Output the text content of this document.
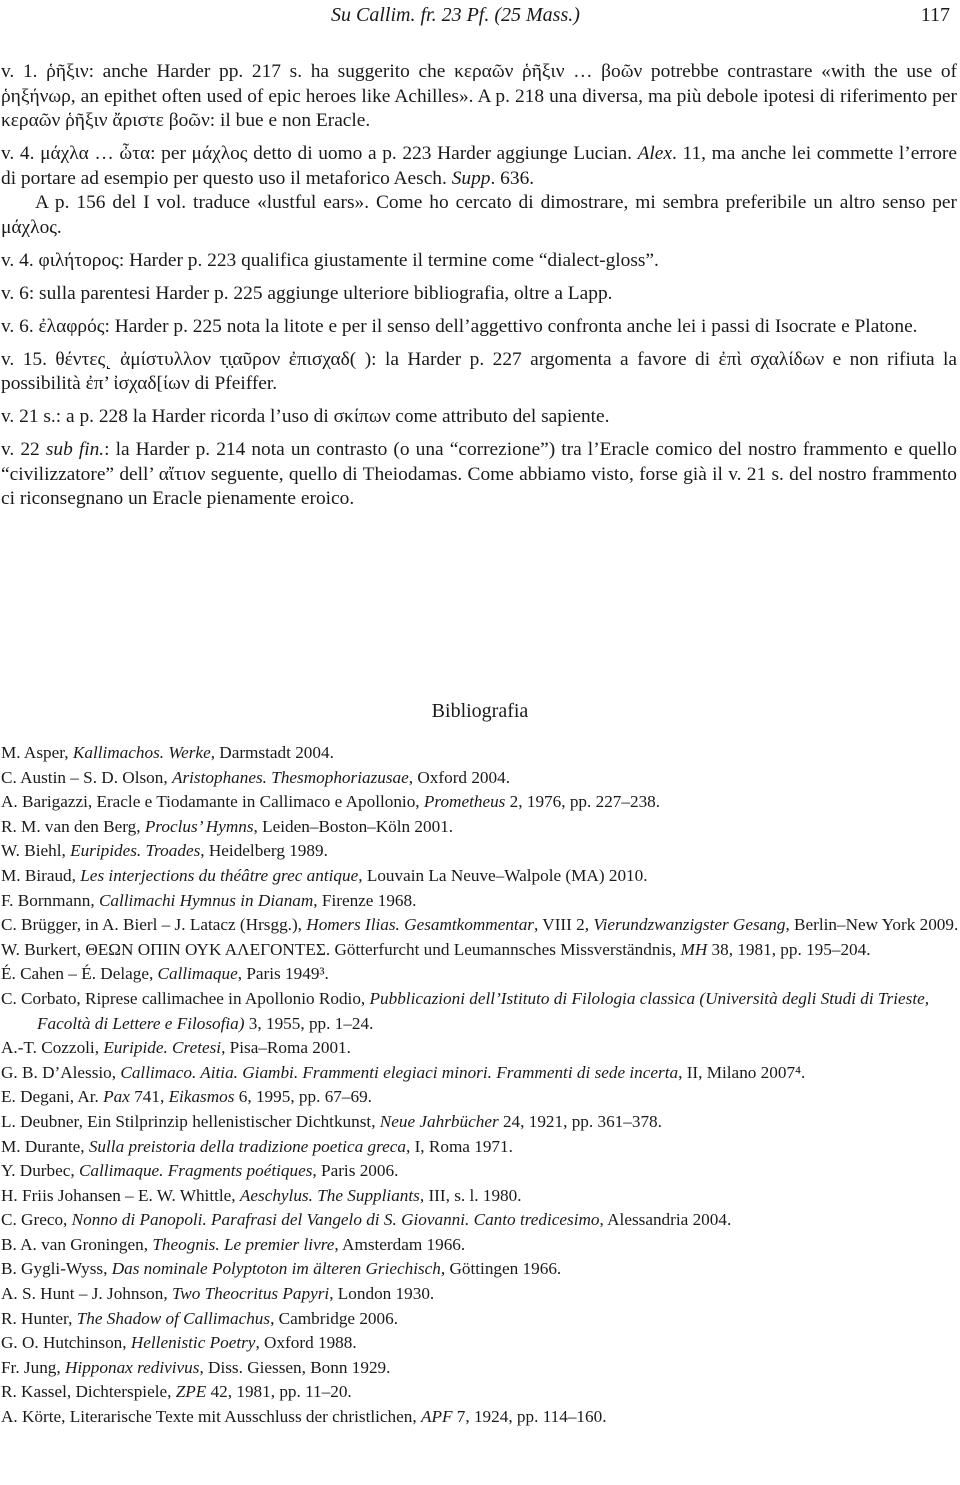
Su Callim. fr. 23 Pf. (25 Mass.)	117

v. 1. ῥῆξιν: anche Harder pp. 217 s. ha suggerito che κεραῶν ῥῆξιν … βοῶν potrebbe contrastare «with the use of ῥηξήνωρ, an epithet often used of epic heroes like Achilles». A p. 218 una diversa, ma più debole ipotesi di riferimento per κεραῶν ῥῆξιν ἄριστε βοῶν: il bue e non Eracle.

v. 4. μάχλα … ὦτα: per μάχλος detto di uomo a p. 223 Harder aggiunge Lucian. Alex. 11, ma anche lei commette l’errore di portare ad esempio per questo uso il metaforico Aesch. Supp. 636.

A p. 156 del I vol. traduce «lustful ears». Come ho cercato di dimostrare, mi sembra preferibile un altro senso per μάχλος.

v. 4. φιλήτορος: Harder p. 223 qualifica giustamente il termine come “dialect-gloss”.

v. 6: sulla parentesi Harder p. 225 aggiunge ulteriore bibliografia, oltre a Lapp.

v. 6. ἐλαφρός: Harder p. 225 nota la litote e per il senso dell’aggettivo confronta anche lei i passi di Isocrate e Platone.

v. 15. θέντες˻ ἀμίστυλλον τ̣ι̣αῦρον ἐπισχαδ( ): la Harder p. 227 argomenta a favore di ἐπὶ σχαλίδων e non rifiuta la possibilità ἐπ’ ἰσχαδ[ίων di Pfeiffer.

v. 21 s.: a p. 228 la Harder ricorda l’uso di σκίπων come attributo del sapiente.

v. 22 sub fin.: la Harder p. 214 nota un contrasto (o una “correzione”) tra l’Eracle comico del nostro frammento e quello “civilizzatore” dell’ αἴτιον seguente, quello di Theiodamas. Come abbiamo visto, forse già il v. 21 s. del nostro frammento ci riconsegnano un Eracle pienamente eroico.

Bibliografia

M. Asper, Kallimachos. Werke, Darmstadt 2004.

C. Austin – S. D. Olson, Aristophanes. Thesmophoriazusae, Oxford 2004.

A. Barigazzi, Eracle e Tiodamante in Callimaco e Apollonio, Prometheus 2, 1976, pp. 227–238.

R. M. van den Berg, Proclus’ Hymns, Leiden–Boston–Köln 2001.

W. Biehl, Euripides. Troades, Heidelberg 1989.

M. Biraud, Les interjections du théâtre grec antique, Louvain La Neuve–Walpole (MA) 2010.

F. Bornmann, Callimachi Hymnus in Dianam, Firenze 1968.

C. Brügger, in A. Bierl – J. Latacz (Hrsgg.), Homers Ilias. Gesamtkommentar, VIII 2, Vierundzwanzigster Gesang, Berlin–New York 2009.

W. Burkert, ΘΕΩΝ ΟΠΙΝ ΟΥΚ ΑΛΕΓΟΝΤΕΣ. Götterfurcht und Leumannsches Missverständnis, MH 38, 1981, pp. 195–204.

É. Cahen – É. Delage, Callimaque, Paris 1949³.

C. Corbato, Riprese callimachee in Apollonio Rodio, Pubblicazioni dell’Istituto di Filologia classica (Università degli Studi di Trieste, Facoltà di Lettere e Filosofia) 3, 1955, pp. 1–24.

A.-T. Cozzoli, Euripide. Cretesi, Pisa–Roma 2001.

G. B. D’Alessio, Callimaco. Aitia. Giambi. Frammenti elegiaci minori. Frammenti di sede incerta, II, Milano 2007⁴.

E. Degani, Ar. Pax 741, Eikasmos 6, 1995, pp. 67–69.

L. Deubner, Ein Stilprinzip hellenistischer Dichtkunst, Neue Jahrbücher 24, 1921, pp. 361–378.

M. Durante, Sulla preistoria della tradizione poetica greca, I, Roma 1971.

Y. Durbec, Callimaque. Fragments poétiques, Paris 2006.

H. Friis Johansen – E. W. Whittle, Aeschylus. The Suppliants, III, s. l. 1980.

C. Greco, Nonno di Panopoli. Parafrasi del Vangelo di S. Giovanni. Canto tredicesimo, Alessandria 2004.

B. A. van Groningen, Theognis. Le premier livre, Amsterdam 1966.

B. Gygli-Wyss, Das nominale Polyptoton im älteren Griechisch, Göttingen 1966.

A. S. Hunt – J. Johnson, Two Theocritus Papyri, London 1930.

R. Hunter, The Shadow of Callimachus, Cambridge 2006.

G. O. Hutchinson, Hellenistic Poetry, Oxford 1988.

Fr. Jung, Hipponax redivivus, Diss. Giessen, Bonn 1929.

R. Kassel, Dichterspiele, ZPE 42, 1981, pp. 11–20.

A. Körte, Literarische Texte mit Ausschluss der christlichen, APF 7, 1924, pp. 114–160.
